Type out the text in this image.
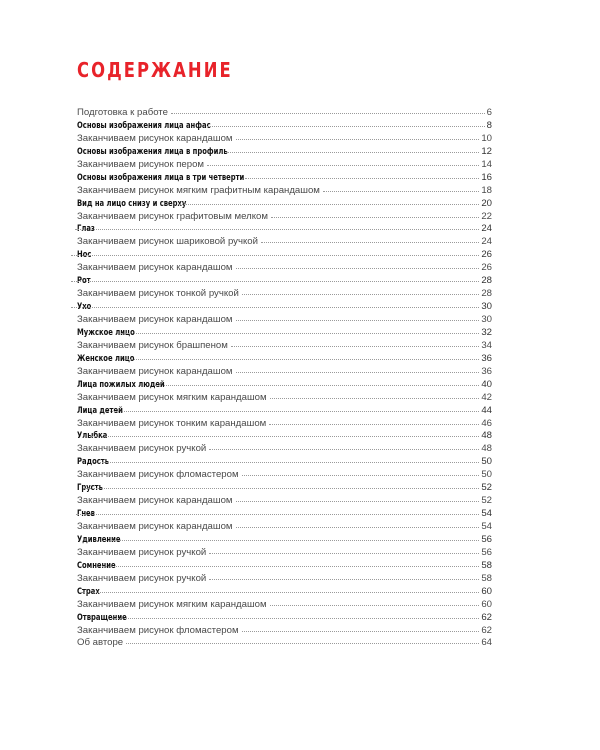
СОДЕРЖАНИЕ
Подготовка к работе	6
Основы изображения лица анфас	8
Заканчиваем рисунок карандашом	10
Основы изображения лица в профиль	12
Заканчиваем рисунок пером	14
Основы изображения лица в три четверти	16
Заканчиваем рисунок мягким графитным карандашом	18
Вид на лицо снизу и сверху	20
Заканчиваем рисунок графитовым мелком	22
Глаз	24
Заканчиваем рисунок шариковой ручкой	24
Нос	26
Заканчиваем рисунок карандашом	26
Рот	28
Заканчиваем рисунок тонкой ручкой	28
Ухо	30
Заканчиваем рисунок карандашом	30
Мужское лицо	32
Заканчиваем рисунок брашпеном	34
Женское лицо	36
Заканчиваем рисунок карандашом	36
Лица пожилых людей	40
Заканчиваем рисунок мягким карандашом	42
Лица детей	44
Заканчиваем рисунок тонким карандашом	46
Улыбка	48
Заканчиваем рисунок ручкой	48
Радость	50
Заканчиваем рисунок фломастером	50
Грусть	52
Заканчиваем рисунок карандашом	52
Гнев	54
Заканчиваем рисунок карандашом	54
Удивление	56
Заканчиваем рисунок ручкой	56
Сомнение	58
Заканчиваем рисунок ручкой	58
Страх	60
Заканчиваем рисунок мягким карандашом	60
Отвращение	62
Заканчиваем рисунок фломастером	62
Об авторе	64
